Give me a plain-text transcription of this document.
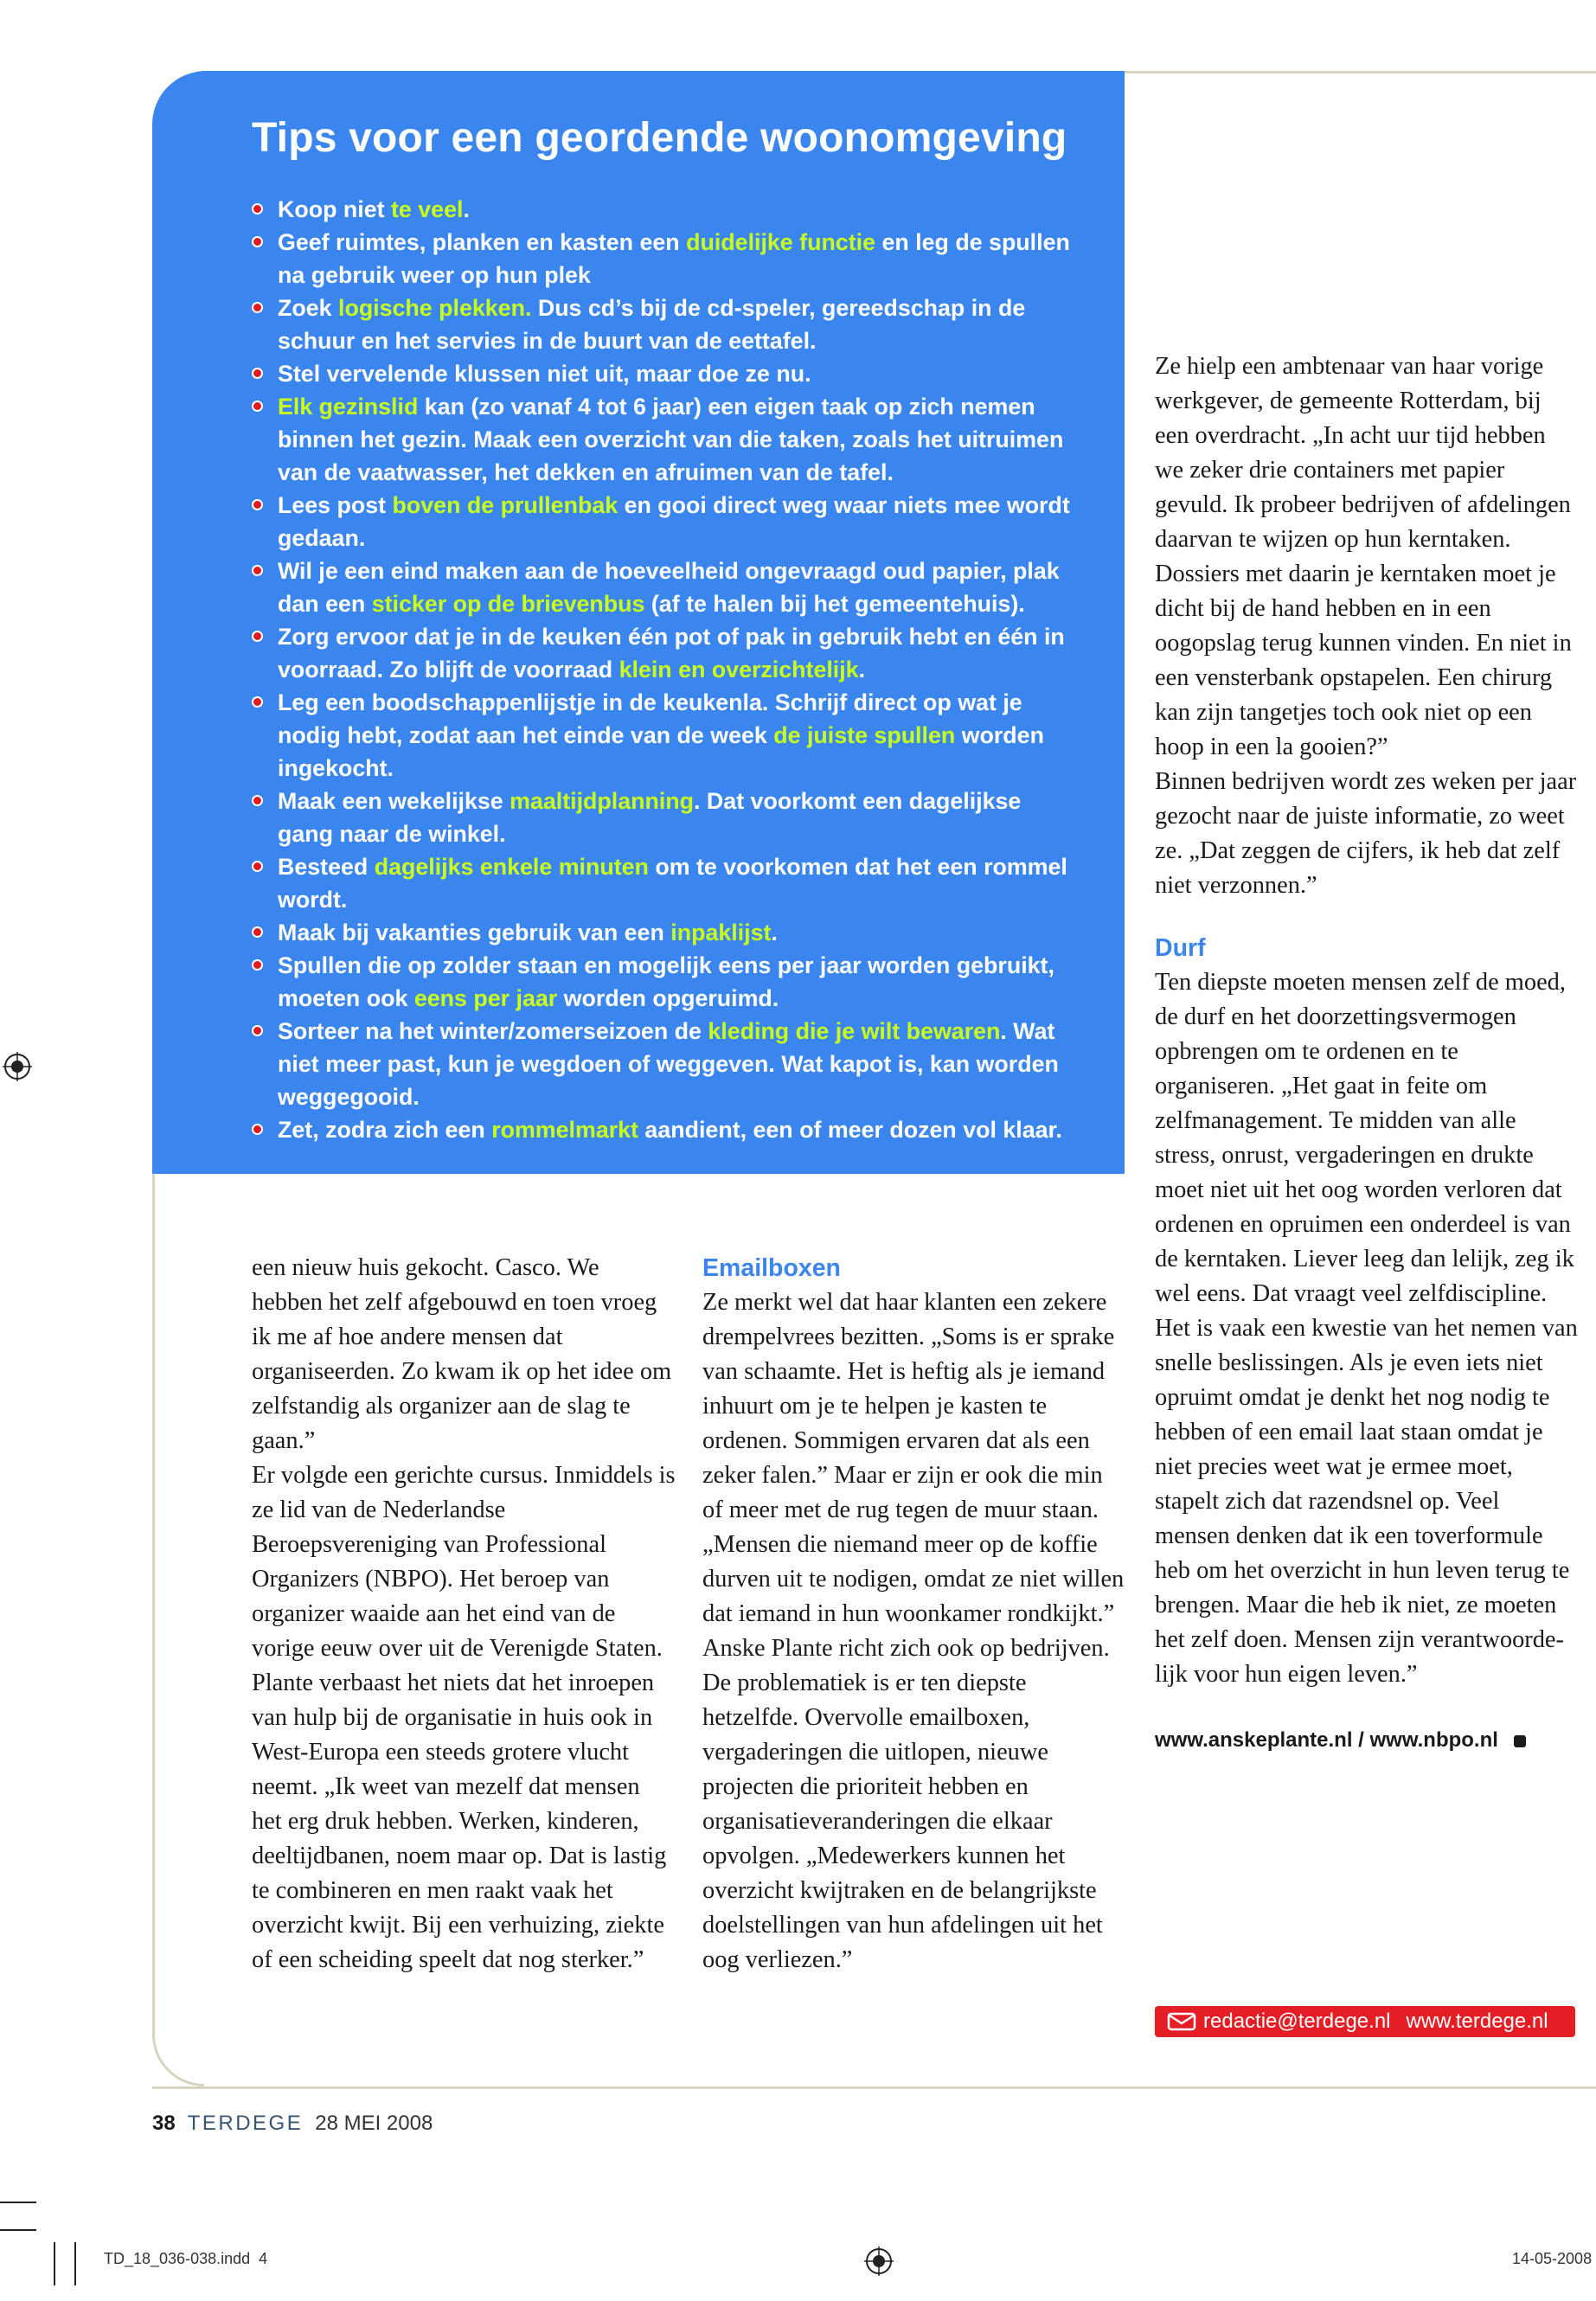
Tips voor een geordende woonomgeving
Koop niet te veel.
Geef ruimtes, planken en kasten een duidelijke functie en leg de spullen na gebruik weer op hun plek
Zoek logische plekken. Dus cd’s bij de cd-speler, gereedschap in de schuur en het servies in de buurt van de eettafel.
Stel vervelende klussen niet uit, maar doe ze nu.
Elk gezinslid kan (zo vanaf 4 tot 6 jaar) een eigen taak op zich nemen binnen het gezin. Maak een overzicht van die taken, zoals het uitruimen van de vaatwasser, het dekken en afruimen van de tafel.
Lees post boven de prullenbak en gooi direct weg waar niets mee wordt gedaan.
Wil je een eind maken aan de hoeveelheid ongevraagd oud papier, plak dan een sticker op de brievenbus (af te halen bij het gemeentehuis).
Zorg ervoor dat je in de keuken één pot of pak in gebruik hebt en één in voorraad. Zo blijft de voorraad klein en overzichtelijk.
Leg een boodschappenlijstje in de keukenla. Schrijf direct op wat je nodig hebt, zodat aan het einde van de week de juiste spullen worden ingekocht.
Maak een wekelijkse maaltijdplanning. Dat voorkomt een dagelijkse gang naar de winkel.
Besteed dagelijks enkele minuten om te voorkomen dat het een rommel wordt.
Maak bij vakanties gebruik van een inpaklijst.
Spullen die op zolder staan en mogelijk eens per jaar worden gebruikt, moeten ook eens per jaar worden opgeruimd.
Sorteer na het winter/zomerseizoen de kleding die je wilt bewaren. Wat niet meer past, kun je wegdoen of weggeven. Wat kapot is, kan worden weggegooid.
Zet, zodra zich een rommelmarkt aandient, een of meer dozen vol klaar.

een nieuw huis gekocht. Casco. We hebben het zelf afgebouwd en toen vroeg ik me af hoe andere mensen dat organiseerden. Zo kwam ik op het idee om zelfstandig als organizer aan de slag te gaan.”

Er volgde een gerichte cursus. Inmiddels is ze lid van de Nederlandse Beroepsvereniging van Professional Organizers (NBPO). Het beroep van organizer waaide aan het eind van de vorige eeuw over uit de Verenigde Staten. Plante verbaast het niets dat het inroepen van hulp bij de organisatie in huis ook in West-Europa een steeds grotere vlucht neemt. „Ik weet van mezelf dat mensen het erg druk hebben. Werken, kinderen, deeltijdbanen, noem maar op. Dat is lastig te combineren en men raakt vaak het overzicht kwijt. Bij een verhuizing, ziekte of een scheiding speelt dat nog sterker.”

Emailboxen

Ze merkt wel dat haar klanten een zekere drempelvrees bezitten. „Soms is er sprake van schaamte. Het is heftig als je iemand inhuurt om je te helpen je kasten te ordenen. Sommigen ervaren dat als een zeker falen.” Maar er zijn er ook die min of meer met de rug tegen de muur staan. „Mensen die niemand meer op de koffie durven uit te nodigen, omdat ze niet willen dat iemand in hun woonkamer rondkijkt.”

Anske Plante richt zich ook op bedrijven. De problematiek is er ten diepste hetzelfde. Overvolle emailboxen, vergaderingen die uitlopen, nieuwe projecten die prioriteit hebben en organisatieveranderingen die elkaar opvolgen. „Medewerkers kunnen het overzicht kwijtraken en de belangrijkste doelstellingen van hun afdelingen uit het oog verliezen.”

Ze hielp een ambtenaar van haar vorige werkgever, de gemeente Rotterdam, bij een overdracht. „In acht uur tijd hebben we zeker drie containers met papier gevuld. Ik probeer bedrijven of afdelingen daarvan te wijzen op hun kerntaken. Dossiers met daarin je kerntaken moet je dicht bij de hand hebben en in een oogopslag terug kunnen vinden. En niet in een vensterbank opstapelen. Een chirurg kan zijn tangetjes toch ook niet op een hoop in een la gooien?”

Binnen bedrijven wordt zes weken per jaar gezocht naar de juiste informatie, zo weet ze. „Dat zeggen de cijfers, ik heb dat zelf niet verzonnen.”

Durf

Ten diepste moeten mensen zelf de moed, de durf en het doorzettingsvermogen opbrengen om te ordenen en te organiseren. „Het gaat in feite om zelfmanagement. Te midden van alle stress, onrust, vergaderingen en drukte moet niet uit het oog worden verloren dat ordenen en opruimen een onderdeel is van de kerntaken. Liever leeg dan lelijk, zeg ik wel eens. Dat vraagt veel zelfdiscipline. Het is vaak een kwestie van het nemen van snelle beslissingen. Als je even iets niet opruimt omdat je denkt het nog nodig te hebben of een email laat staan omdat je niet precies weet wat je ermee moet, stapelt zich dat razendsnel op. Veel mensen denken dat ik een toverformule heb om het overzicht in hun leven terug te brengen. Maar die heb ik niet, ze moeten het zelf doen. Mensen zijn verantwoordelijk voor hun eigen leven.”

www.anskeplante.nl / www.nbpo.nl

redactie@terdege.nl www.terdege.nl
38 TERDEGE 28 MEI 2008
TD_18_036-038.indd 4	14-05-2008
